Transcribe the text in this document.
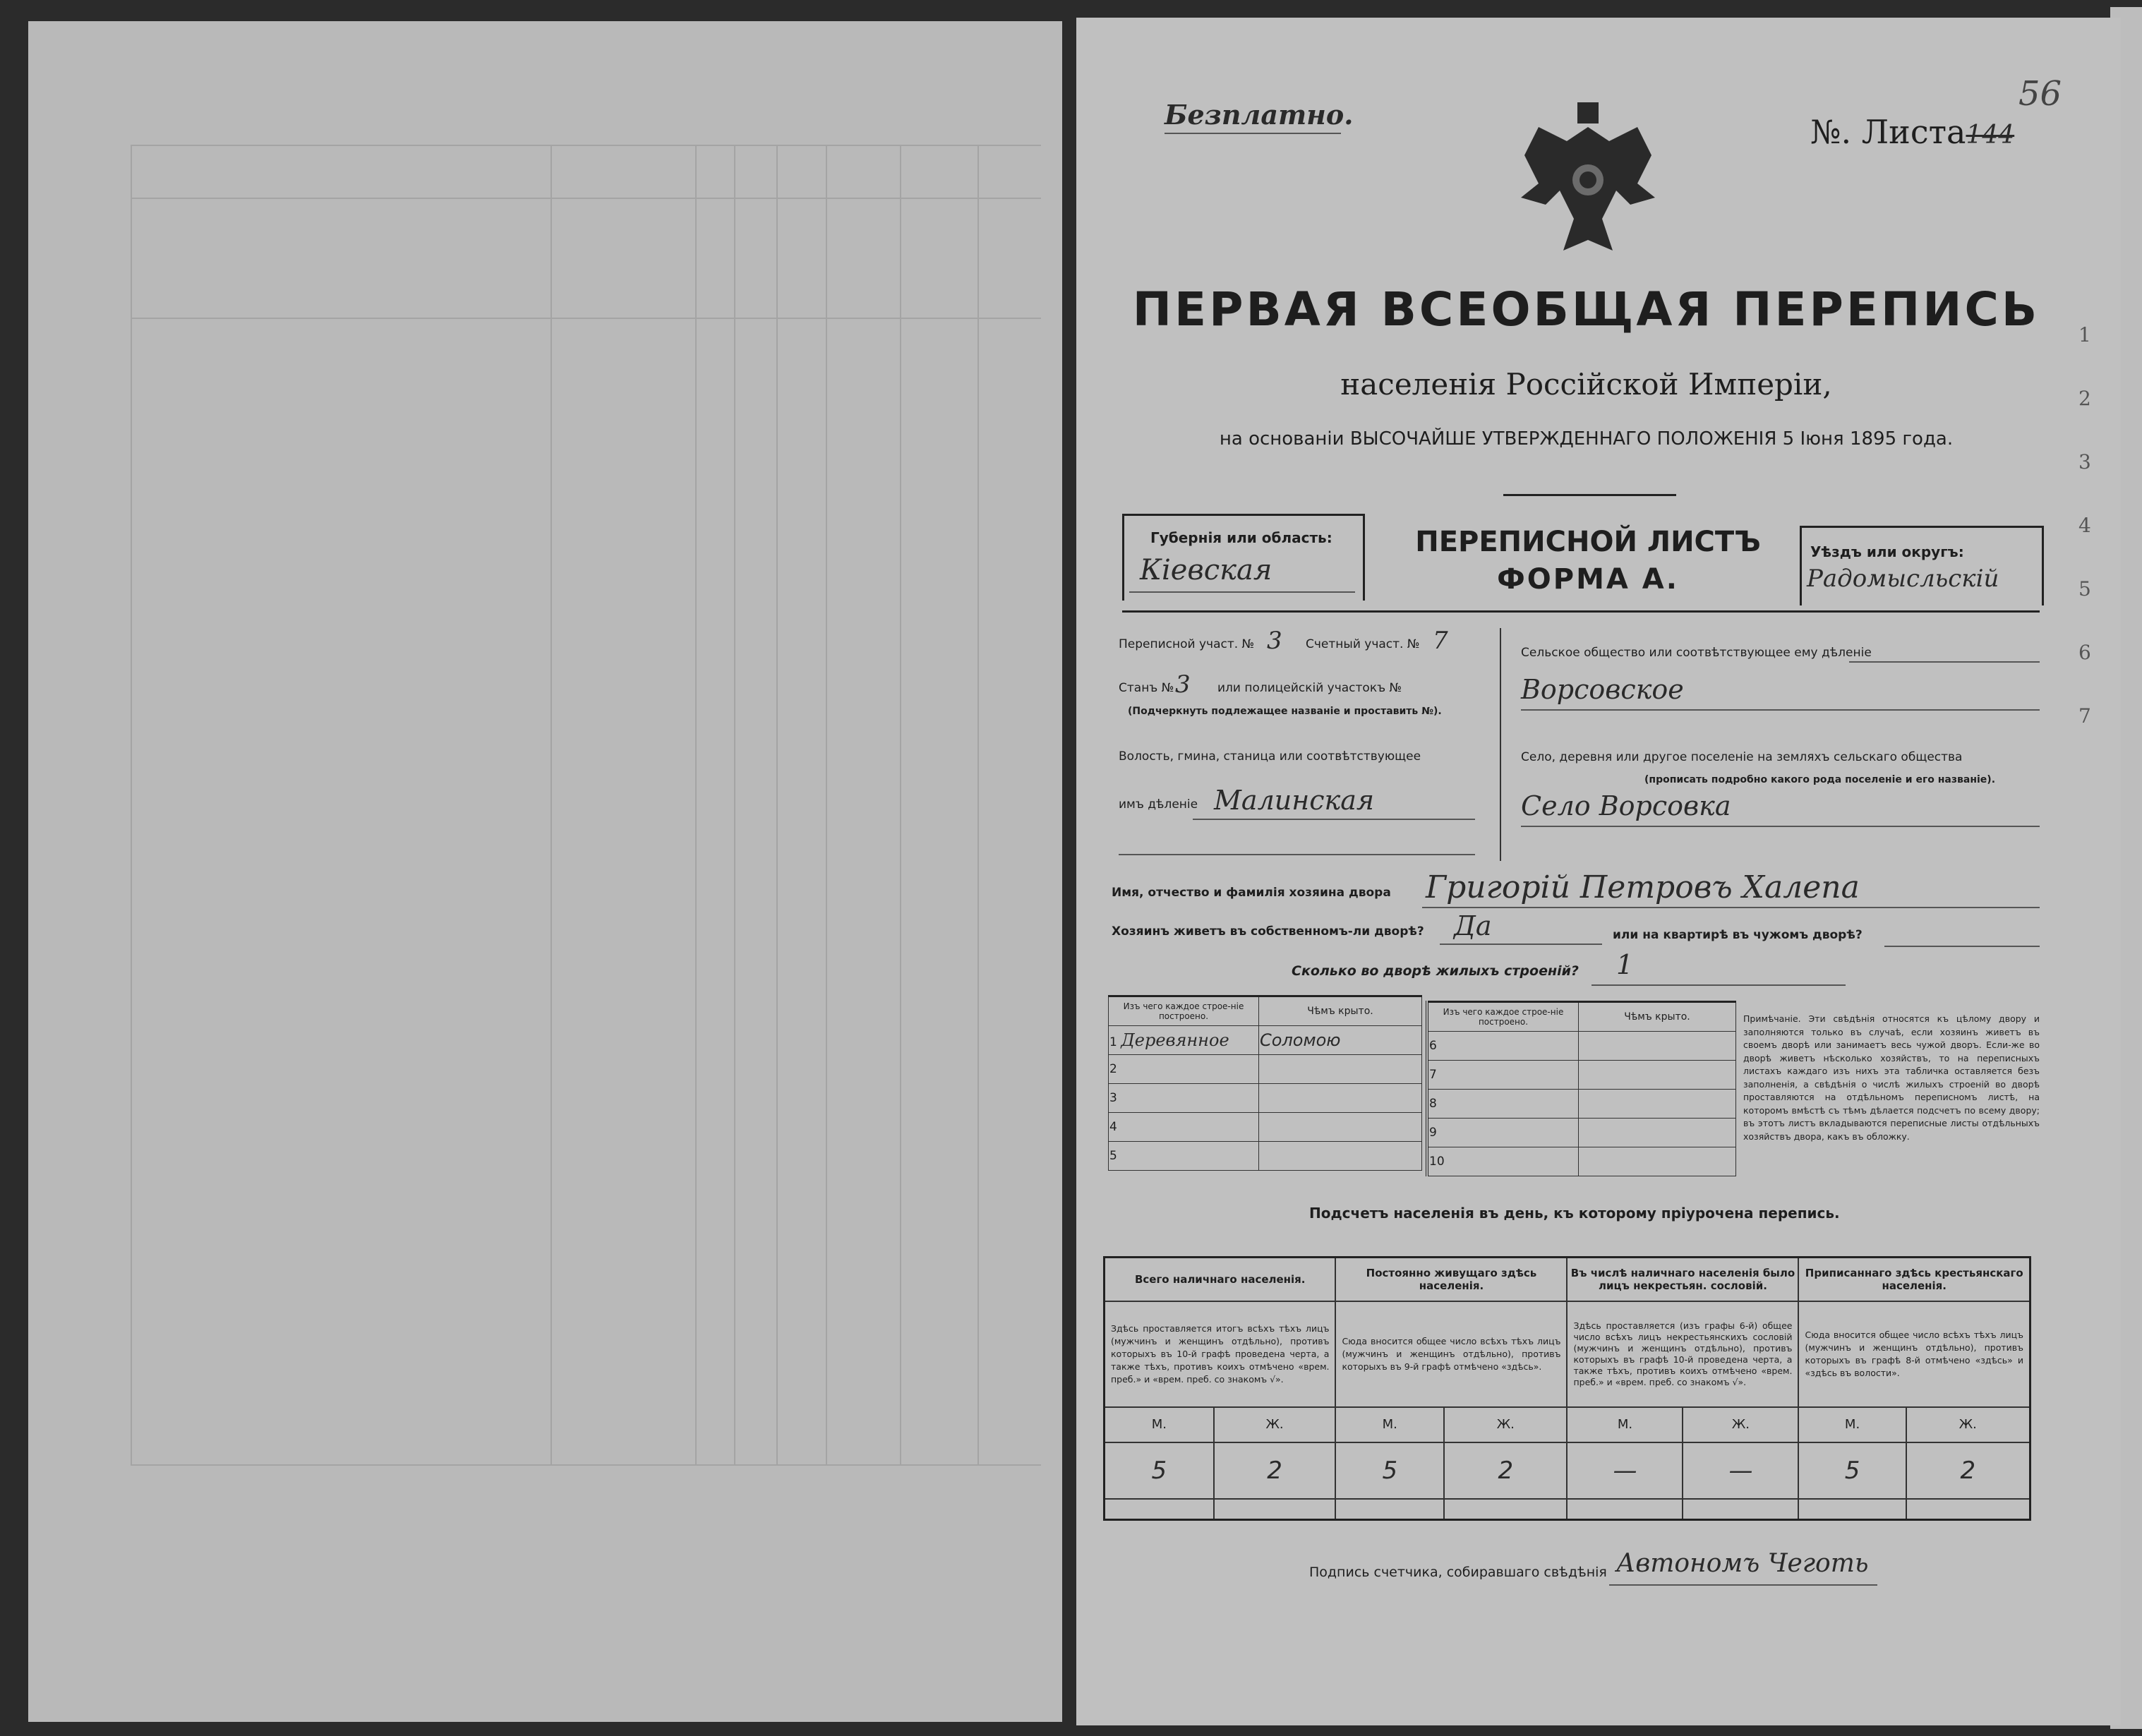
1
2
3
4
5
6
7
Безплатно.	№. Листа144
56
ПЕРВАЯ ВСЕОБЩАЯ ПЕРЕПИСЬ
населенія Россійской Имперіи,
на основаніи ВЫСОЧАЙШЕ УТВЕРЖДЕННАГО ПОЛОЖЕНІЯ 5 Іюня 1895 года.
Губернія или область:
Кіевская
ПЕРЕПИСНОЙ ЛИСТЪ
ФОРМА А.
Уѣздъ или округъ:
Радомысльскій
Переписной участ. № 3 Счетный участ. № 7
Станъ № 3 или полицейскій участокъ №
(Подчеркнуть подлежащее названіе и проставить №).
Волость, гмина, станица или соотвѣтствующее
имъ дѣленіе Малинская
Сельское общество или соотвѣтствующее ему дѣленіе
Ворсовское
Село, деревня или другое поселеніе на земляхъ сельскаго общества
(прописать подробно какого рода поселеніе и его названіе).
Село Ворсовка
Имя, отчество и фамилія хозяина двора Григорій Петровъ Халепа
Хозяинъ живетъ въ собственномъ-ли дворѣ? Да	или на квартирѣ въ чужомъ дворѣ?
Сколько во дворѣ жилыхъ строеній? 1
Изъ чего каждое строе-ніе построено.	Чѣмъ крыто.
1 Деревянное	Соломою
2	
3	
4	
5	
Изъ чего каждое строе-ніе построено.	Чѣмъ крыто.
6	
7	
8	
9	
10	
Примѣчаніе. Эти свѣдѣнія относятся къ цѣлому двору и заполняются только въ случаѣ, если хозяинъ живетъ въ своемъ дворѣ или занимаетъ весь чужой дворъ. Если-же во дворѣ живетъ нѣсколько хозяйствъ, то на переписныхъ листахъ каждаго изъ нихъ эта табличка оставляется безъ заполненія, а свѣдѣнія о числѣ жилыхъ строеній во дворѣ проставляются на отдѣльномъ переписномъ листѣ, на которомъ вмѣстѣ съ тѣмъ дѣлается подсчетъ по всему двору; въ этотъ листъ вкладываются переписные листы отдѣльныхъ хозяйствъ двора, какъ въ обложку.
Подсчетъ населенія въ день, къ которому пріурочена перепись.
Всего наличнаго населенія.		Постоянно живущаго здѣсь населенія.		Въ числѣ наличнаго населенія было лицъ некрестьян. сословій.		Приписаннаго здѣсь крестьянскаго населенія.	
Здѣсь проставляется итогъ всѣхъ тѣхъ лицъ (мужчинъ и женщинъ отдѣльно), противъ которыхъ въ 10-й графѣ проведена черта, а также тѣхъ, противъ коихъ отмѣчено «врем. преб.» и «врем. преб. со знакомъ √».		Сюда вносится общее число всѣхъ тѣхъ лицъ (мужчинъ и женщинъ отдѣльно), противъ которыхъ въ 9-й графѣ отмѣчено «здѣсь».		Здѣсь проставляется (изъ графы 6-й) общее число всѣхъ лицъ некрестьянскихъ сословій (мужчинъ и женщинъ отдѣльно), противъ которыхъ въ графѣ 10-й проведена черта, а также тѣхъ, противъ коихъ отмѣчено «врем. преб.» и «врем. преб. со знакомъ √».		Сюда вносится общее число всѣхъ тѣхъ лицъ (мужчинъ и женщинъ отдѣльно), противъ которыхъ въ графѣ 8-й отмѣчено «здѣсь» и «здѣсь въ волости».	
М.	Ж.	М.	Ж.	М.	Ж.	М.	Ж.
5	2	5	2	—	—	5	2

Подпись счетчика, собиравшаго свѣдѣнія Автономъ Чеготь
